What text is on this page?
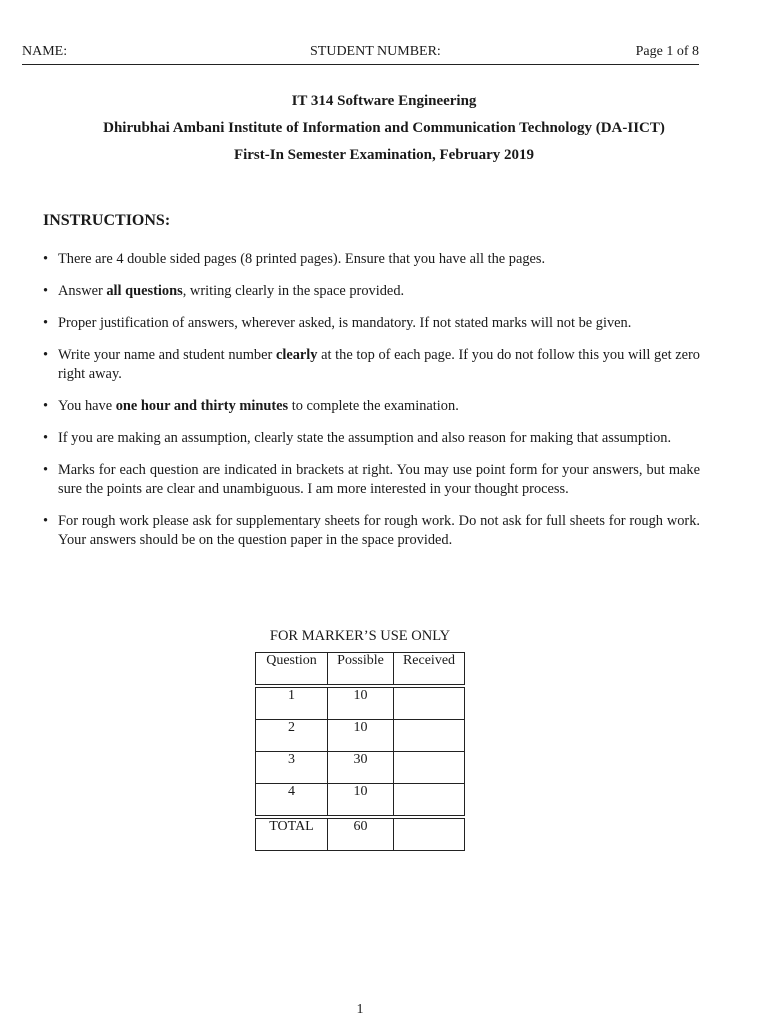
NAME:	STUDENT NUMBER:	Page 1 of 8
IT 314 Software Engineering
Dhirubhai Ambani Institute of Information and Communication Technology (DA-IICT)
First-In Semester Examination, February 2019
INSTRUCTIONS:
• There are 4 double sided pages (8 printed pages). Ensure that you have all the pages.
• Answer all questions, writing clearly in the space provided.
• Proper justification of answers, wherever asked, is mandatory. If not stated marks will not be given.
• Write your name and student number clearly at the top of each page. If you do not follow this you will get zero right away.
• You have one hour and thirty minutes to complete the examination.
• If you are making an assumption, clearly state the assumption and also reason for making that assumption.
• Marks for each question are indicated in brackets at right. You may use point form for your answers, but make sure the points are clear and unambiguous. I am more interested in your thought process.
• For rough work please ask for supplementary sheets for rough work. Do not ask for full sheets for rough work. Your answers should be on the question paper in the space provided.
FOR MARKER’S USE ONLY
Question	Possible	Received

1	10	
2	10	
3	30	
4	10	

TOTAL	60	
1
